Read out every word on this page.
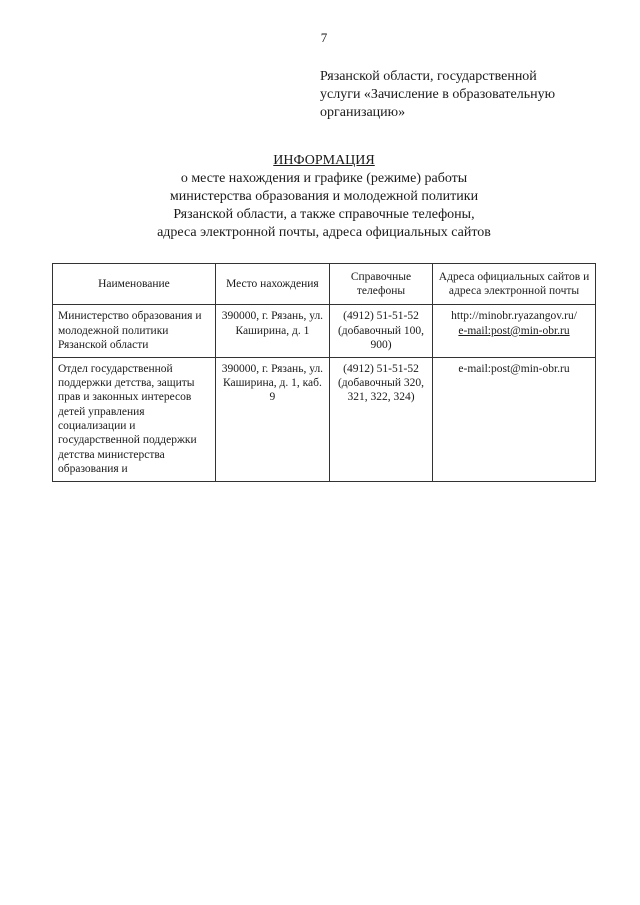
7
Рязанской области, государственной
услуги «Зачисление в образовательную
организацию»
ИНФОРМАЦИЯ
о месте нахождения и графике (режиме) работы
министерства образования и молодежной политики
Рязанской области, а также справочные телефоны,
адреса электронной почты, адреса официальных сайтов
Наименование	Место нахождения	Справочные телефоны	Адреса официальных сайтов и адреса электронной почты
Министерство образования и молодежной политики Рязанской области	390000, г. Рязань, ул. Каширина, д. 1	(4912) 51-51-52 (добавочный 100, 900)	http://minobr.ryazangov.ru/
e-mail:post@min-obr.ru

Отдел государственной поддержки детства, защиты прав и законных интересов детей управления социализации и государственной поддержки детства министерства образования и	390000, г. Рязань, ул. Каширина, д. 1, каб. 9	(4912) 51-51-52 (добавочный 320, 321, 322, 324)	e-mail:post@min-obr.ru
